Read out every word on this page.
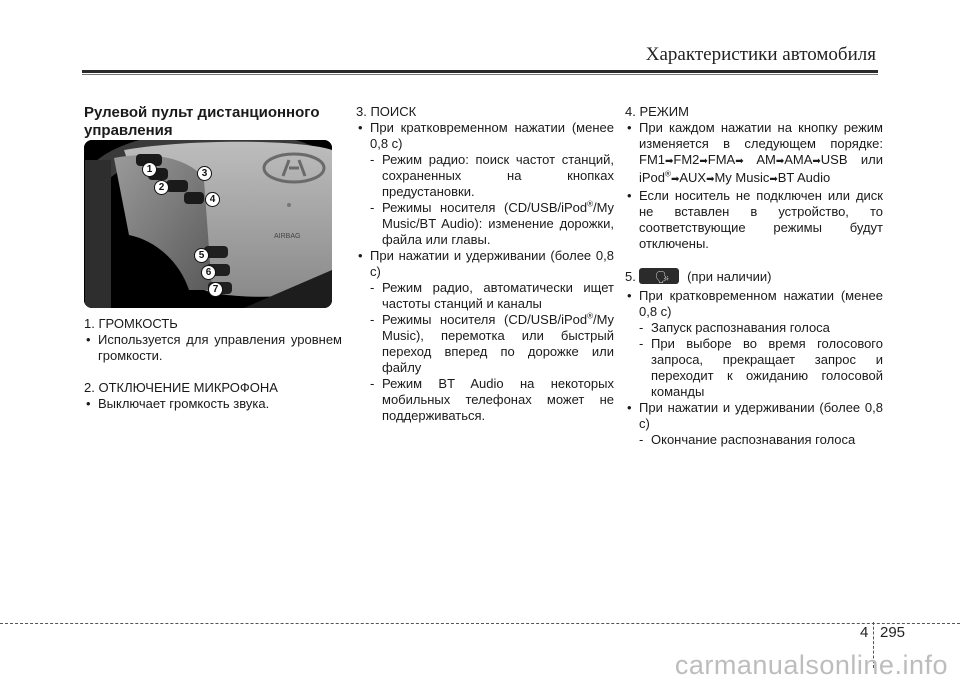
Характеристики автомобиля

Рулевой пульт дистанционного управления

AIRBAG
1
2
3
4
5
6
7

1. ГРОМКОСТЬ

• Используется для управления уровнем громкости.

2. ОТКЛЮЧЕНИЕ МИКРОФОНА

• Выключает громкость звука.

3. ПОИСК

• При кратковременном нажатии (менее 0,8 с)

- Режим радио: поиск частот станций, сохраненных на кнопках предустановки.

- Режимы носителя (CD/USB/iPod®/My Music/BT Audio): изменение дорожки, файла или главы.

• При нажатии и удерживании (более 0,8 с)

- Режим радио, автоматически ищет частоты станций и каналы

- Режимы носителя (CD/USB/iPod®/My Music), перемотка или быстрый переход вперед по дорожке или файлу

- Режим BT Audio на некоторых мобильных телефонах может не поддерживаться.

4. РЕЖИМ

• При каждом нажатии на кнопку режим изменяется в следующем порядке: FM1➡FM2➡FMA➡ AM➡AMA➡USB или iPod®➡AUX➡My Music➡BT Audio

• Если носитель не подключен или диск не вставлен в устройство, то соответствующие режимы будут отключены.

5. 🗣 (при наличии)

• При кратковременном нажатии (менее 0,8 с)

- Запуск распознавания голоса

- При выборе во время голосового запроса, прекращает запрос и переходит к ожиданию голосовой команды

• При нажатии и удерживании (более 0,8 с)

- Окончание распознавания голоса

4 295
carmanualsonline.info
